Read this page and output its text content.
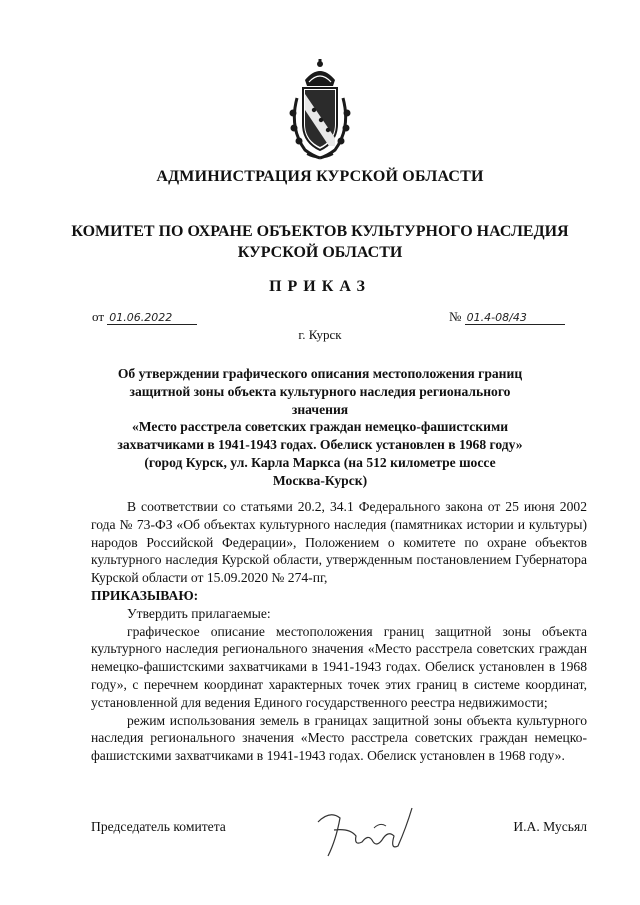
АДМИНИСТРАЦИЯ КУРСКОЙ ОБЛАСТИ
КОМИТЕТ ПО ОХРАНЕ ОБЪЕКТОВ КУЛЬТУРНОГО НАСЛЕДИЯ
КУРСКОЙ ОБЛАСТИ
ПРИКАЗ
от 01.06.2022	№ 01.4-08/43
г. Курск
Об утверждении графического описания местоположения границ
защитной зоны объекта культурного наследия регионального значения
«Место расстрела советских граждан немецко-фашистскими
захватчиками в 1941-1943 годах. Обелиск установлен в 1968 году»
(город Курск, ул. Карла Маркса (на 512 километре шоссе
Москва-Курск)

В соответствии со статьями 20.2, 34.1 Федерального закона от 25 июня 2002 года № 73-ФЗ «Об объектах культурного наследия (памятниках истории и культуры) народов Российской Федерации», Положением о комитете по охране объектов культурного наследия Курской области, утвержденным постановлением Губернатора Курской области от 15.09.2020 № 274-пг,

ПРИКАЗЫВАЮ:

Утвердить прилагаемые:

графическое описание местоположения границ защитной зоны объекта культурного наследия регионального значения «Место расстрела советских граждан немецко-фашистскими захватчиками в 1941-1943 годах. Обелиск установлен в 1968 году», с перечнем координат характерных точек этих границ в системе координат, установленной для ведения Единого государственного реестра недвижимости;

режим использования земель в границах защитной зоны объекта культурного наследия регионального значения «Место расстрела советских граждан немецко-фашистскими захватчиками в 1941-1943 годах. Обелиск установлен в 1968 году».

Председатель комитета	И.А. Мусьял
